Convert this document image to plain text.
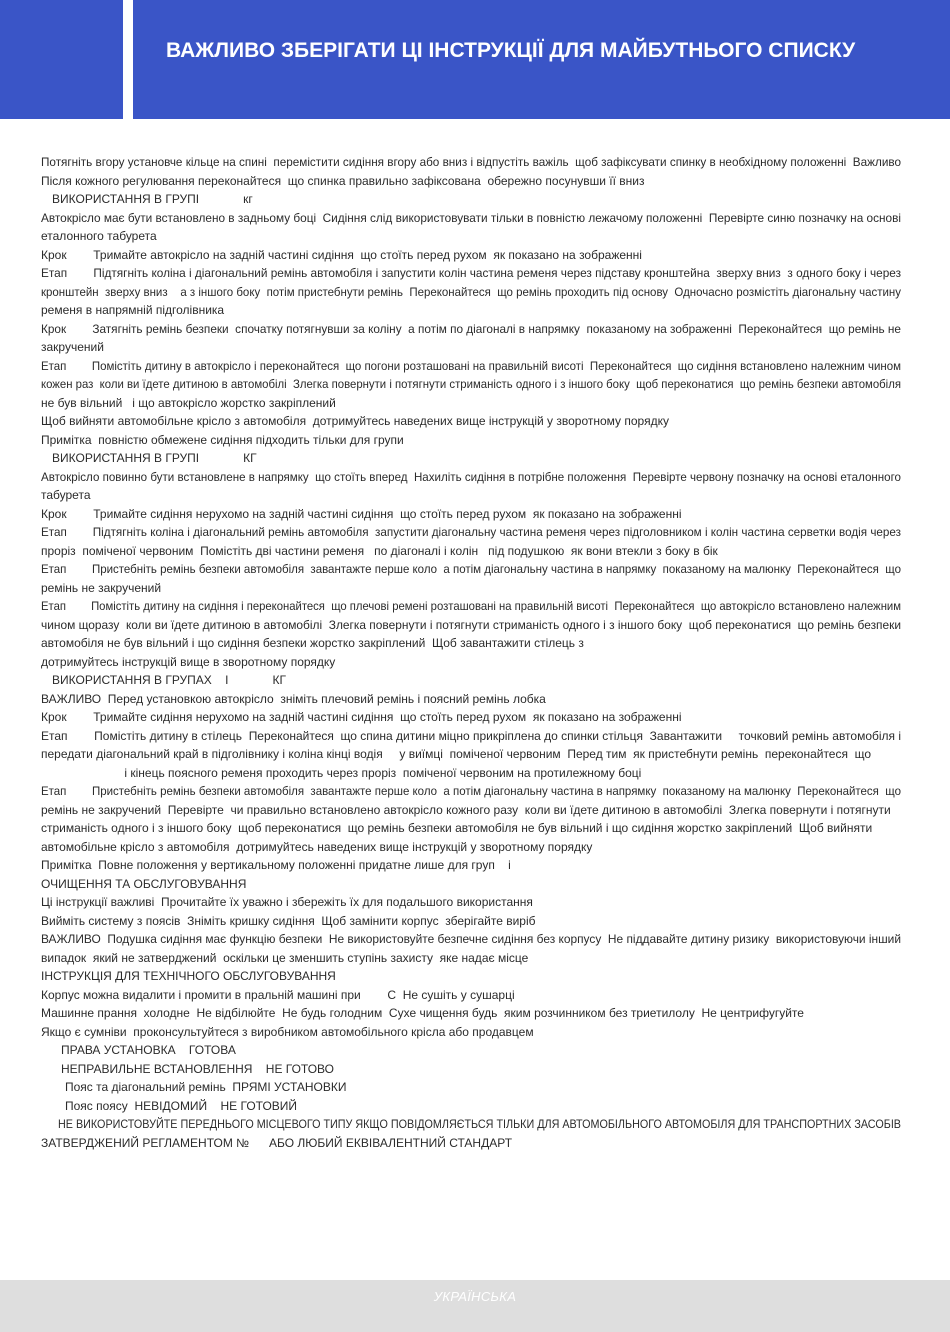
ВАЖЛИВО ЗБЕРІГАТИ ЦІ ІНСТРУКЦІЇ ДЛЯ МАЙБУТНЬОГО СПИСКУ

Потягніть вгору установче кільце на спині  перемістити сидіння вгору або вниз і відпустіть важіль  щоб зафіксувати спинку в необхідному положенні  Важливо

Після кожного регулювання переконайтеся  що спинка правильно зафіксована  обережно посунувши її вниз

ВИКОРИСТАННЯ В ГРУПІ	кг

Автокрісло має бути встановлено в задньому боці  Сидіння слід використовувати тільки в повністю лежачому положенні  Перевірте синю позначку на основі

еталонного табурета

Крок        Тримайте автокрісло на задній частині сидіння  що стоїть перед рухом  як показано на зображенні

Етап        Підтягніть коліна і діагональний ремінь автомобіля і запустити колін частина ременя через підставу кронштейна  зверху вниз  з одного боку і через

кронштейн  зверху вниз    а з іншого боку  потім пристебнути ремінь  Переконайтеся  що ремінь проходить під основу  Одночасно розмістіть діагональну частину

ременя в напрямній підголівника

Крок        Затягніть ремінь безпеки  спочатку потягнувши за коліну  а потім по діагоналі в напрямку  показаному на зображенні  Переконайтеся  що ремінь не

закручений

Етап        Помістіть дитину в автокрісло і переконайтеся  що погони розташовані на правильній висоті  Переконайтеся  що сидіння встановлено належним чином

кожен раз  коли ви їдете дитиною в автомобілі  Злегка повернути і потягнути стриманість одного і з іншого боку  щоб переконатися  що ремінь безпеки автомобіля

не був вільний   і що автокрісло жорстко закріплений

Щоб вийняти автомобільне крісло з автомобіля  дотримуйтесь наведених вище інструкцій у зворотному порядку

Примітка  повністю обмежене сидіння підходить тільки для групи

ВИКОРИСТАННЯ В ГРУПІ	КГ

Автокрісло повинно бути встановлене в напрямку  що стоїть вперед  Нахиліть сидіння в потрібне положення  Перевірте червону позначку на основі еталонного

табурета

Крок        Тримайте сидіння нерухомо на задній частині сидіння  що стоїть перед рухом  як показано на зображенні

Етап        Підтягніть коліна і діагональний ремінь автомобіля  запустити діагональну частина ременя через підголовником і колін частина серветки водія через

проріз  поміченої червоним  Помістіть дві частини ременя   по діагоналі і колін   під подушкою  як вони втекли з боку в бік

Етап        Пристебніть ремінь безпеки автомобіля  завантажте перше коло  а потім діагональну частина в напрямку  показаному на малюнку  Переконайтеся  що

ремінь не закручений

Етап        Помістіть дитину на сидіння і переконайтеся  що плечові ремені розташовані на правильній висоті  Переконайтеся  що автокрісло встановлено належним

чином щоразу  коли ви їдете дитиною в автомобілі  Злегка повернути і потягнути стриманість одного і з іншого боку  щоб переконатися  що ремінь безпеки

автомобіля не був вільний і що сидіння безпеки жорстко закріплений  Щоб завантажити стілець з

дотримуйтесь інструкцій вище в зворотному порядку

ВИКОРИСТАННЯ В ГРУПАХ    І	КГ

ВАЖЛИВО  Перед установкою автокрісло  зніміть плечовий ремінь і поясний ремінь лобка

Крок        Тримайте сидіння нерухомо на задній частині сидіння  що стоїть перед рухом  як показано на зображенні

Етап        Помістіть дитину в стілець  Переконайтеся  що спина дитини міцно прикріплена до спинки стільця  Завантажити     точковий ремінь автомобіля і

передати діагональний край в підголівнику і коліна кінці водія     у виїмці  поміченої червоним  Перед тим  як пристебнути ремінь  переконайтеся  що

і кінець поясного ременя проходить через проріз  поміченої червоним на протилежному боці

Етап        Пристебніть ремінь безпеки автомобіля  завантажте перше коло  а потім діагональну частина в напрямку  показаному на малюнку  Переконайтеся  що

ремінь не закручений  Перевірте  чи правильно встановлено автокрісло кожного разу  коли ви їдете дитиною в автомобілі  Злегка повернути і потягнути

стриманість одного і з іншого боку  щоб переконатися  що ремінь безпеки автомобіля не був вільний і що сидіння жорстко закріплений  Щоб вийняти

автомобільне крісло з автомобіля  дотримуйтесь наведених вище інструкцій у зворотному порядку

Примітка  Повне положення у вертикальному положенні придатне лише для груп    і

ОЧИЩЕННЯ ТА ОБСЛУГОВУВАННЯ

Ці інструкції важливі  Прочитайте їх уважно і збережіть їх для подальшого використання

Вийміть систему з поясів  Зніміть кришку сидіння  Щоб замінити корпус  зберігайте виріб

ВАЖЛИВО  Подушка сидіння має функцію безпеки  Не використовуйте безпечне сидіння без корпусу  Не піддавайте дитину ризику  використовуючи інший

випадок  який не затверджений  оскільки це зменшить ступінь захисту  яке надає місце

ІНСТРУКЦІЯ ДЛЯ ТЕХНІЧНОГО ОБСЛУГОВУВАННЯ

Корпус можна видалити і промити в пральній машині при        С  Не сушіть у сушарці

Машинне прання  холодне  Не відбілюйте  Не будь голодним  Сухе чищення будь  яким розчинником без триетилолу  Не центрифугуйте

Якщо є сумніви  проконсультуйтеся з виробником автомобільного крісла або продавцем

ПРАВА УСТАНОВКА    ГОТОВА

НЕПРАВИЛЬНЕ ВСТАНОВЛЕННЯ    НЕ ГОТОВО

Пояс та діагональний ремінь  ПРЯМІ УСТАНОВКИ

Пояс поясу  НЕВІДОМИЙ    НЕ ГОТОВИЙ

НЕ ВИКОРИСТОВУЙТЕ ПЕРЕДНЬОГО МІСЦЕВОГО ТИПУ ЯКЩО ПОВІДОМЛЯЄТЬСЯ ТІЛЬКИ ДЛЯ АВТОМОБІЛЬНОГО АВТОМОБІЛЯ ДЛЯ ТРАНСПОРТНИХ ЗАСОБІВ

ЗАТВЕРДЖЕНИЙ РЕГЛАМЕНТОМ №      АБО ЛЮБИЙ ЕКВІВАЛЕНТНИЙ СТАНДАРТ

УКРАЇНСЬКА
